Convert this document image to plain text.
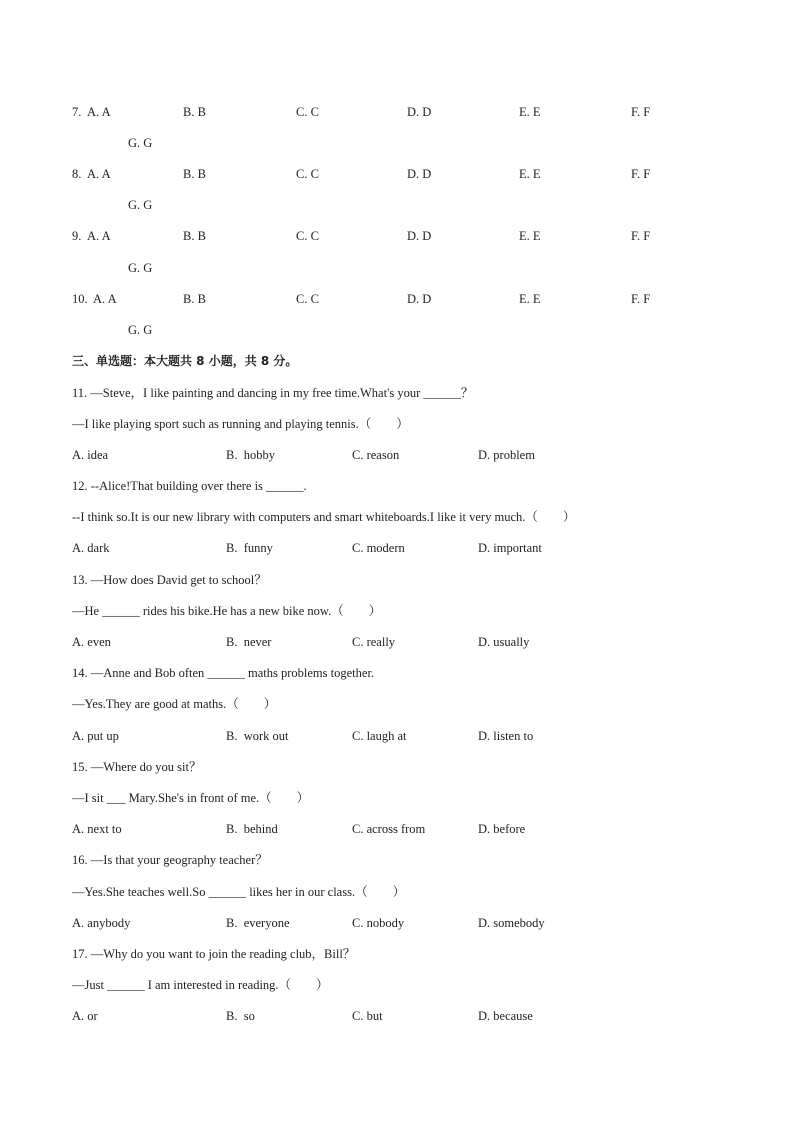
7. A. A	B. B	C. C	D. D	E. E	F. F
G. G
8. A. A	B. B	C. C	D. D	E. E	F. F
G. G
9. A. A	B. B	C. C	D. D	E. E	F. F
G. G
10. A. A	B. B	C. C	D. D	E. E	F. F
G. G
三、单选题：本大题共 8 小题，共 8 分。
11. —Steve，I like painting and dancing in my free time.What's your ______？
—I like playing sport such as running and playing tennis.（        ）
A. idea	B.  hobby	C. reason	D. problem
12. --Alice!That building over there is ______.
--I think so.It is our new library with computers and smart whiteboards.I like it very much.（        ）
A. dark	B.  funny	C. modern	D. important
13. —How does David get to school？
—He ______ rides his bike.He has a new bike now.（        ）
A. even	B.  never	C. really	D. usually
14. —Anne and Bob often ______ maths problems together.
—Yes.They are good at maths.（        ）
A. put up	B.  work out	C. laugh at	D. listen to
15. —Where do you sit？
—I sit ___ Mary.She's in front of me.（        ）
A. next to	B.  behind	C. across from	D. before
16. —Is that your geography teacher？
—Yes.She teaches well.So ______ likes her in our class.（        ）
A. anybody	B.  everyone	C. nobody	D. somebody
17. —Why do you want to join the reading club，Bill？
—Just ______ I am interested in reading.（        ）
A. or	B.  so	C. but	D. because
